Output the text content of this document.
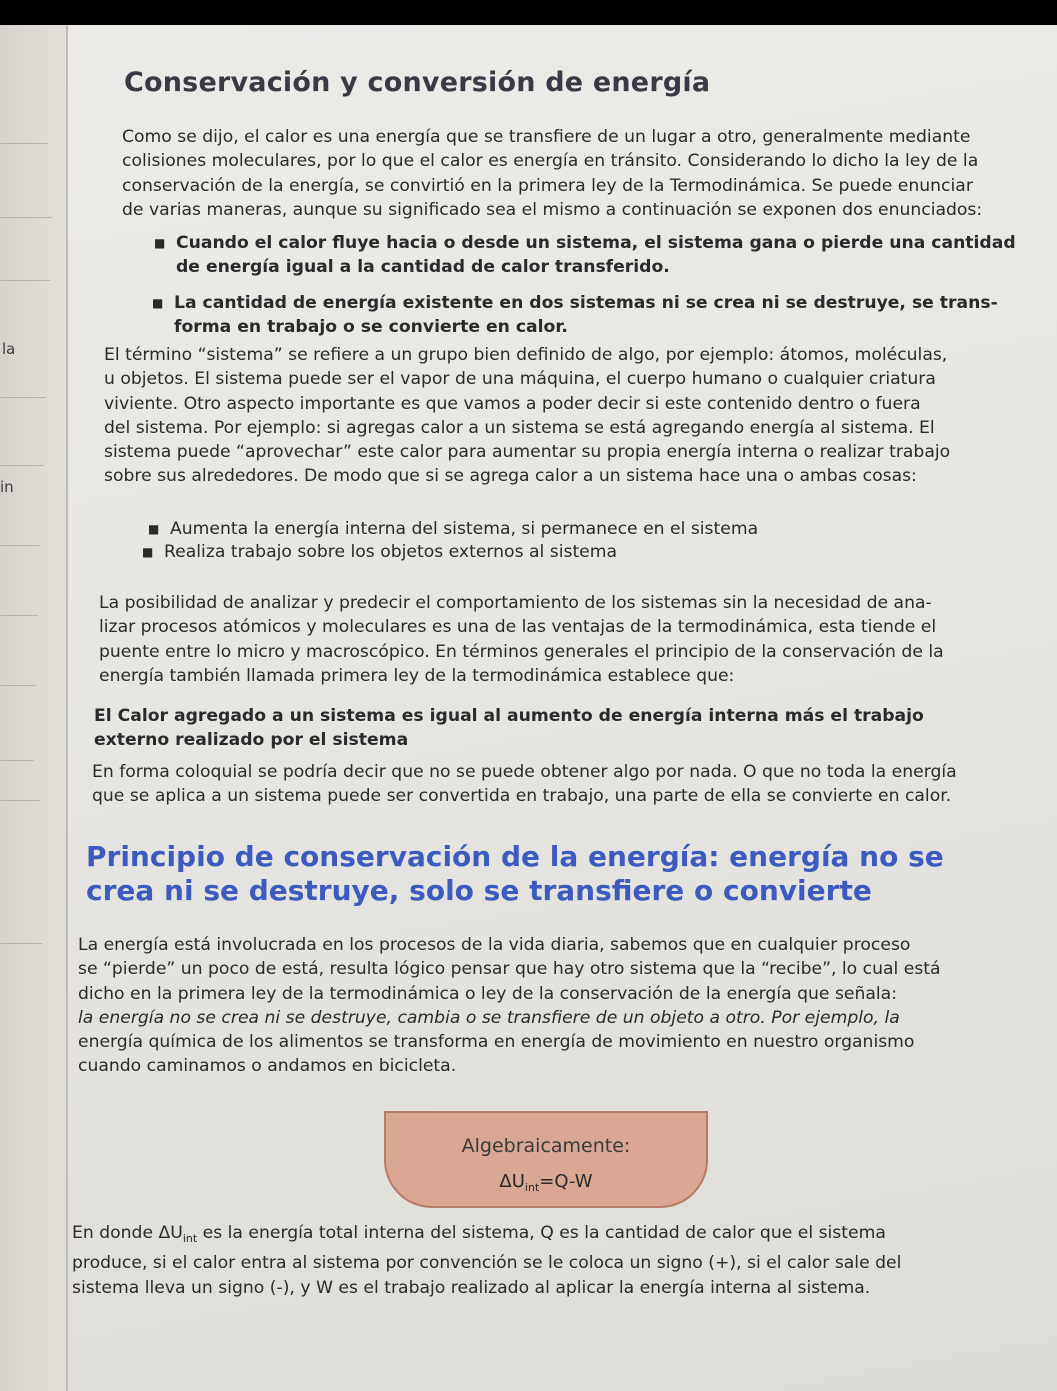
la
in
Conservación y conversión de energía
Como se dijo, el calor es una energía que se transfiere de un lugar a otro, generalmente mediante
colisiones moleculares, por lo que el calor es energía en tránsito. Considerando lo dicho la ley de la
conservación de la energía, se convirtió en la primera ley de la Termodinámica. Se puede enunciar
de varias maneras, aunque su significado sea el mismo a continuación se exponen dos enunciados:
■ Cuando el calor fluye hacia o desde un sistema, el sistema gana o pierde una cantidad
de energía igual a la cantidad de calor transferido.
■ La cantidad de energía existente en dos sistemas ni se crea ni se destruye, se trans-
forma en trabajo o se convierte en calor.
El término “sistema” se refiere a un grupo bien definido de algo, por ejemplo: átomos, moléculas,
u objetos. El sistema puede ser el vapor de una máquina, el cuerpo humano o cualquier criatura
viviente. Otro aspecto importante es que vamos a poder decir si este contenido dentro o fuera
del sistema. Por ejemplo: si agregas calor a un sistema se está agregando energía al sistema. El
sistema puede “aprovechar” este calor para aumentar su propia energía interna o realizar trabajo
sobre sus alrededores. De modo que si se agrega calor a un sistema hace una o ambas cosas:
■ Aumenta la energía interna del sistema, si permanece en el sistema
■ Realiza trabajo sobre los objetos externos al sistema
La posibilidad de analizar y predecir el comportamiento de los sistemas sin la necesidad de ana-
lizar procesos atómicos y moleculares es una de las ventajas de la termodinámica, esta tiende el
puente entre lo micro y macroscópico. En términos generales el principio de la conservación de la
energía también llamada primera ley de la termodinámica establece que:
El Calor agregado a un sistema es igual al aumento de energía interna más el trabajo
externo realizado por el sistema
En forma coloquial se podría decir que no se puede obtener algo por nada. O que no toda la energía
que se aplica a un sistema puede ser convertida en trabajo, una parte de ella se convierte en calor.
Principio de conservación de la energía: energía no se crea ni se destruye, solo se transfiere o convierte
La energía está involucrada en los procesos de la vida diaria, sabemos que en cualquier proceso
se “pierde” un poco de está, resulta lógico pensar que hay otro sistema que la “recibe”, lo cual está
dicho en la primera ley de la termodinámica o ley de la conservación de la energía que señala:
la energía no se crea ni se destruye, cambia o se transfiere de un objeto a otro. Por ejemplo, la
energía química de los alimentos se transforma en energía de movimiento en nuestro organismo
cuando caminamos o andamos en bicicleta.
Algebraicamente:
$\Delta U_{int}=Q-W$
En donde $\Delta U_{int}$ es la energía total interna del sistema, Q es la cantidad de calor que el sistema
produce, si el calor entra al sistema por convención se le coloca un signo (+), si el calor sale del
sistema lleva un signo (-), y W es el trabajo realizado al aplicar la energía interna al sistema.
